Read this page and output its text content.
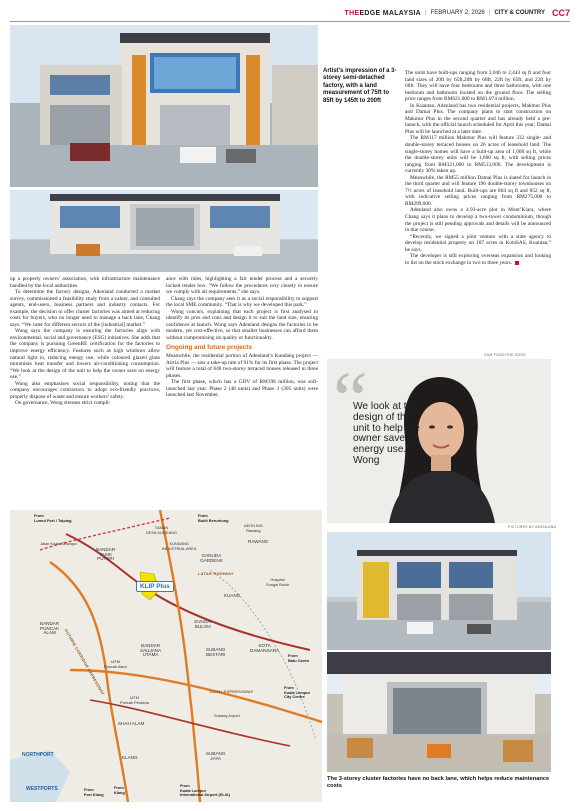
THEEDGE MALAYSIA | FEBRUARY 2, 2026 | CITY & COUNTRY CC7
Artist’s impression of a 3-storey semi-detached factory, with a land measurement of 75ft to 85ft by 145ft to 200ft

The units have built-ups ranging from 2,046 to 2,443 sq ft and four land sizes of 20ft by 65ft,20ft by 68ft, 22ft by 65ft, and 22ft by 68ft. They will have four bedrooms and three bathrooms, with one bedroom and bathroom located on the ground floor. The selling price ranges from RM621,000 to RM1.074 million.

In Kuantan, Adenland has two residential projects, Makmur Plus and Damai Plus. The company plans to start construction on Makmur Plus in the second quarter and has already held a pre-launch, with the official launch scheduled for April this year; Damai Plus will be launched at a later date.

The RM117 million Makmur Plus will feature 332 single- and double-storey terraced houses on 26 acres of leasehold land. The single-storey homes will have a built-up area of 1,000 sq ft, while the double-storey units will be 1,600 sq ft, with selling prices ranging from RM321,000 to RM513,000. The development is currently 30% taken up.

Meanwhile, the RM55 million Damai Plus is slated for launch in the third quarter and will feature 196 double-storey townhouses on 7½ acres of leasehold land. Built-ups are 804 sq ft and 852 sq ft, with indicative selling prices ranging from RM275,000 to RM299,000.

Adenland also owns a 4.93-acre plot in Mont’Kiara, where Chang says it plans to develop a two-tower condominium, though the project is still pending approvals and details will be announced in due course.

“Recently, we signed a joint venture with a state agency to develop residential property on 107 acres in KotaSAS, Kuantan,” he says.

The developer is still exploring overseas expansion and looking to list on the stock exchange in two to three years.

up a property owners’ association, with infrastructure maintenance handled by the local authorities.

To determine the factory designs, Adenland conducted a market survey, commissioned a feasibility study from a valuer, and consulted agents, end-users, business partners and industry contacts. For example, the decision to offer cluster factories was aimed at reducing costs for buyers, who no longer need to manage a back lane, Chang says. “We cater for different sectors of the [industrial] market.”

Wong says the company is ensuring the factories align with environmental, social and governance (ESG) initiatives. She adds that the company is pursuing GreenRE certification for the factories to improve energy efficiency. Features such as high windows allow natural light in, reducing energy use, while coloured glazed glass minimises heat transfer and lowers air-conditioning consumption. “We look at the design of the unit to help the owner save on energy use.”

Wong also emphasises social responsibility, noting that the company encourages contractors to adopt eco-friendly practices, properly dispose of waste and ensure workers’ safety.

On governance, Wong stresses strict compli-

ance with rules, highlighting a fair tender process and a securely locked tender box. “We follow the procedures very closely to ensure we comply with all requirements,” she says.

Chang says the company sees it as a social responsibility to support the local SME community. “That is why we developed this park.”

Wong concurs, explaining that each project is first analysed to identify its pros and cons and design it to suit the land size, ensuring confidence at launch. Wong says Adenland designs the factories to be modern, yet cost-effective, so that smaller businesses can afford them without compromising on quality or functionality.

Ongoing and future projects

Meanwhile, the residential portion of Adenland’s Kundang project — Airria Plus — saw a take-up rate of 91% for its first phase. The project will feature a total of 648 two-storey terraced houses released in three phases.

The first phase, which has a GDV of RM198 million, was soft-launched last year. Phase 2 (48 units) and Phase 3 (305 units) were launched last November.

SAM FONG/THE EDGE
“
We look at the design of the unit to help the owner save on energy use.” — Wong
PICTURES BY ADENLAND
KLIP Plus
From
Lumut Port / Taiping
From
Bukit Beruntung
Jalan Kuala Selangor
BANDAR
TASIK
PUTERI
TAMAN
DESA KUNDANG
KUNDANG
INDUSTRIAL AREA
AEON BIG
Rawang
RAWANG
GANUDA
GARDENS
LATAR HIGHWAY
KUANG
Hospital
Sungai Buloh
BANDAR
PUNCAK
ALAM
BANDAR
SAUJANA
UTAMA
SUNGAI
BULOH
SUBANG
BESTARI
KOTA
DAMANSARA
DASH EXPRESSWAY
GUTHRIE CORRIDOR EXPRESSWAY	UiTM
Puncak Alam
UiTM
Puncak Perdana
Subang Airport
SHAH ALAM
KLANG
SUBANG
JAYA
From
Batu Caves
From
Kuala Lumpur
City Centre
From
Port Klang
From
Klang
From
Kuala Lumpur
International Airport (KLIA)
NORTHPORT
WESTPORTS
The 3-storey cluster factories have no back lane, which helps reduce maintenance costs
